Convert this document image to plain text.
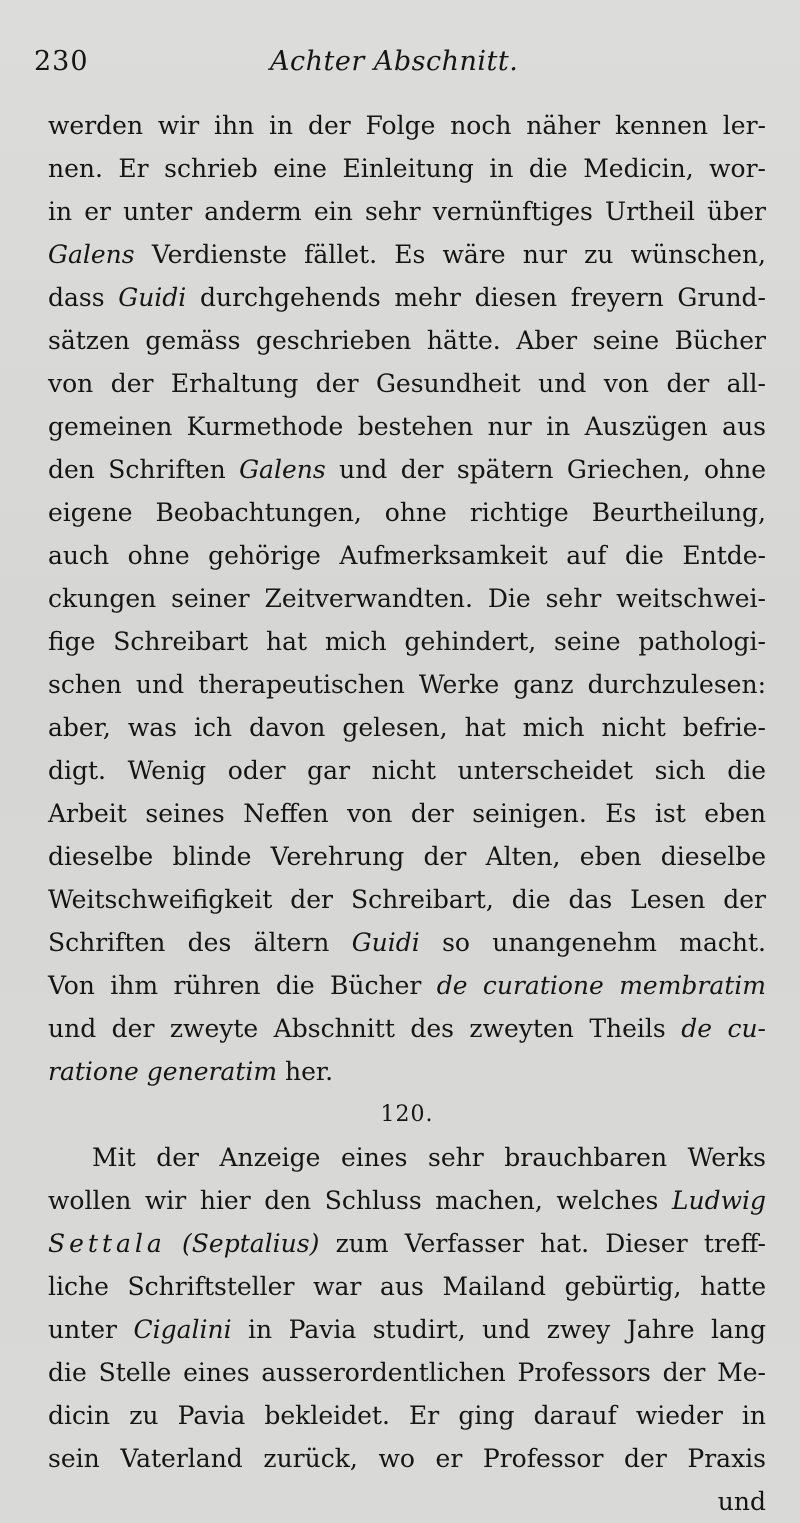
230	Achter Abschnitt.
werden wir ihn in der Folge noch näher kennen ler-
nen. Er schrieb eine Einleitung in die Medicin, wor-
in er unter anderm ein sehr vernünftiges Urtheil über
Galens Verdienste fället. Es wäre nur zu wünschen,
dass Guidi durchgehends mehr diesen freyern Grund-
sätzen gemäss geschrieben hätte. Aber seine Bücher
von der Erhaltung der Gesundheit und von der all-
gemeinen Kurmethode bestehen nur in Auszügen aus
den Schriften Galens und der spätern Griechen, ohne
eigene Beobachtungen, ohne richtige Beurtheilung,
auch ohne gehörige Aufmerksamkeit auf die Entde-
ckungen seiner Zeitverwandten. Die sehr weitschwei-
fige Schreibart hat mich gehindert, seine pathologi-
schen und therapeutischen Werke ganz durchzulesen:
aber, was ich davon gelesen, hat mich nicht befrie-
digt. Wenig oder gar nicht unterscheidet sich die
Arbeit seines Neffen von der seinigen. Es ist eben
dieselbe blinde Verehrung der Alten, eben dieselbe
Weitschweifigkeit der Schreibart, die das Lesen der
Schriften des ältern Guidi so unangenehm macht.
Von ihm rühren die Bücher de curatione membratim
und der zweyte Abschnitt des zweyten Theils de cu-
ratione generatim her.
120.
Mit der Anzeige eines sehr brauchbaren Werks
wollen wir hier den Schluss machen, welches Ludwig
Settala (Septalius) zum Verfasser hat. Dieser treff-
liche Schriftsteller war aus Mailand gebürtig, hatte
unter Cigalini in Pavia studirt, und zwey Jahre lang
die Stelle eines ausserordentlichen Professors der Me-
dicin zu Pavia bekleidet. Er ging darauf wieder in
sein Vaterland zurück, wo er Professor der Praxis
und
